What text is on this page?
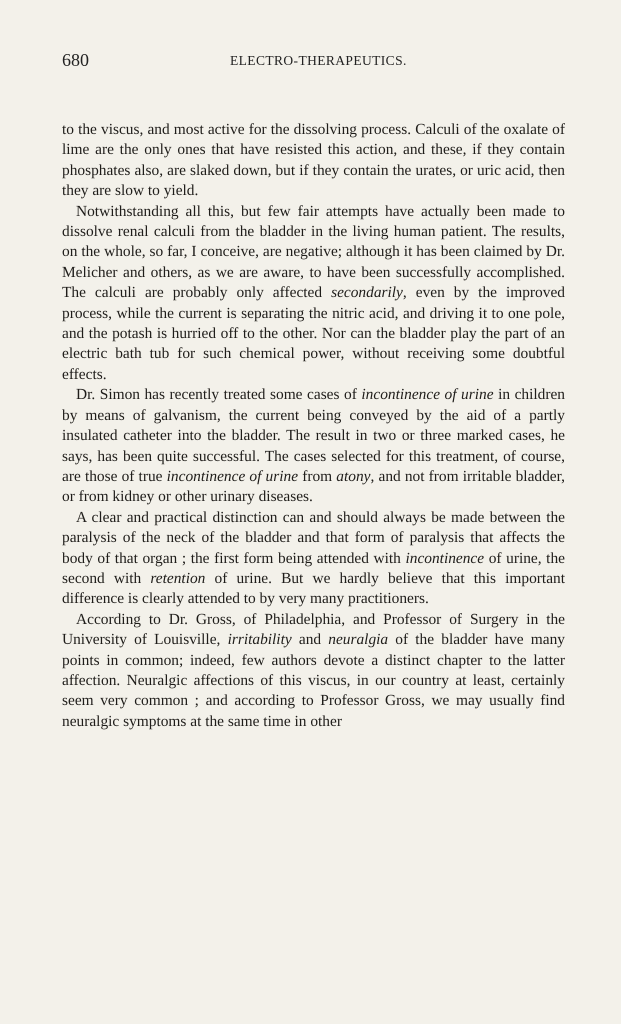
680	ELECTRO-THERAPEUTICS.

to the viscus, and most active for the dissolving process. Calculi of the oxalate of lime are the only ones that have resisted this action, and these, if they contain phosphates also, are slaked down, but if they contain the urates, or uric acid, then they are slow to yield.

Notwithstanding all this, but few fair attempts have actually been made to dissolve renal calculi from the bladder in the living human patient. The results, on the whole, so far, I conceive, are negative; although it has been claimed by Dr. Melicher and others, as we are aware, to have been successfully accomplished. The calculi are probably only affected secondarily, even by the improved process, while the current is separating the nitric acid, and driving it to one pole, and the potash is hurried off to the other. Nor can the bladder play the part of an electric bath tub for such chemical power, without receiving some doubtful effects.

Dr. Simon has recently treated some cases of incontinence of urine in children by means of galvanism, the current being conveyed by the aid of a partly insulated catheter into the bladder. The result in two or three marked cases, he says, has been quite successful. The cases selected for this treatment, of course, are those of true incontinence of urine from atony, and not from irritable bladder, or from kidney or other urinary diseases.

A clear and practical distinction can and should always be made between the paralysis of the neck of the bladder and that form of paralysis that affects the body of that organ ; the first form being attended with incontinence of urine, the second with retention of urine. But we hardly believe that this important difference is clearly attended to by very many practitioners.

According to Dr. Gross, of Philadelphia, and Professor of Surgery in the University of Louisville, irritability and neuralgia of the bladder have many points in common; indeed, few authors devote a distinct chapter to the latter affection. Neuralgic affections of this viscus, in our country at least, certainly seem very common ; and according to Professor Gross, we may usually find neuralgic symptoms at the same time in other
